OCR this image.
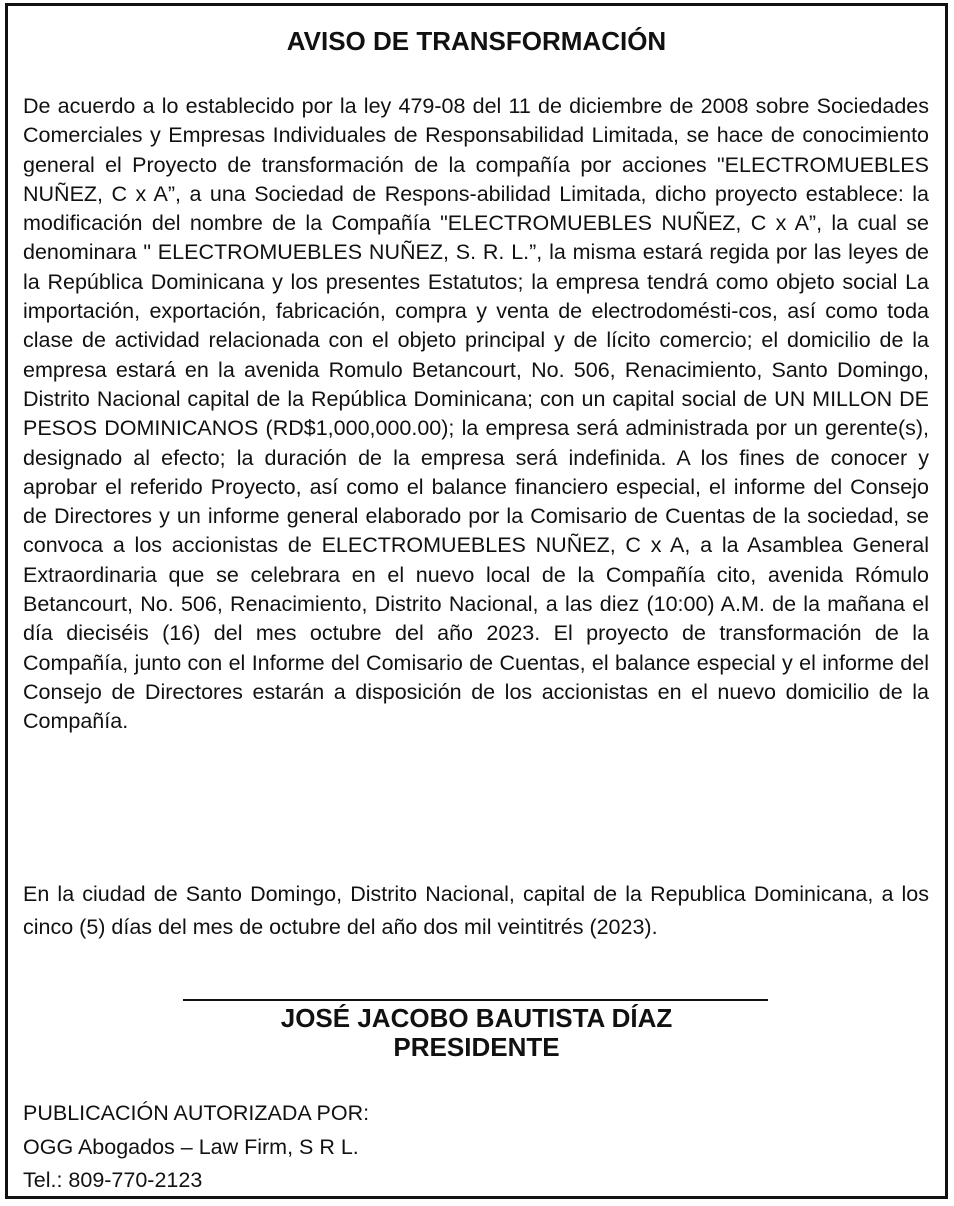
AVISO DE TRANSFORMACIÓN
De acuerdo a lo establecido por la ley 479-08 del 11 de diciembre de 2008 sobre Sociedades Comerciales y Empresas Individuales de Responsabilidad Limitada, se hace de conocimiento general el Proyecto de transformación de la compañía por acciones "ELECTROMUEBLES NUÑEZ, C x A”, a una Sociedad de Respons-abilidad Limitada, dicho proyecto establece: la modificación del nombre de la Compañía "ELECTROMUEBLES NUÑEZ, C x A”, la cual se denominara " ELECTROMUEBLES NUÑEZ, S. R. L.”, la misma estará regida por las leyes de la República Dominicana y los presentes Estatutos; la empresa tendrá como objeto social La importación, exportación, fabricación, compra y venta de electrodomésti-cos, así como toda clase de actividad relacionada con el objeto principal y de lícito comercio; el domicilio de la empresa estará en la avenida Romulo Betancourt, No. 506, Renacimiento, Santo Domingo, Distrito Nacional capital de la República Dominicana; con un capital social de UN MILLON DE PESOS DOMINICANOS (RD$1,000,000.00); la empresa será administrada por un gerente(s), designado al efecto; la duración de la empresa será indefinida. A los fines de conocer y aprobar el referido Proyecto, así como el balance financiero especial, el informe del Consejo de Directores y un informe general elaborado por la Comisario de Cuentas de la sociedad, se convoca a los accionistas de ELECTROMUEBLES NUÑEZ, C x A, a la Asamblea General Extraordinaria que se celebrara en el nuevo local de la Compañía cito, avenida Rómulo Betancourt, No. 506, Renacimiento, Distrito Nacional, a las diez (10:00) A.M. de la mañana el día dieciséis (16) del mes octubre del año 2023. El proyecto de transformación de la Compañía, junto con el Informe del Comisario de Cuentas, el balance especial y el informe del Consejo de Directores estarán a disposición de los accionistas en el nuevo domicilio de la Compañía.
En la ciudad de Santo Domingo, Distrito Nacional, capital de la Republica Dominicana, a los cinco (5) días del mes de octubre del año dos mil veintitrés (2023).
JOSÉ JACOBO BAUTISTA DÍAZ
PRESIDENTE
PUBLICACIÓN AUTORIZADA POR:
OGG Abogados – Law Firm, S R L.
Tel.: 809-770-2123
